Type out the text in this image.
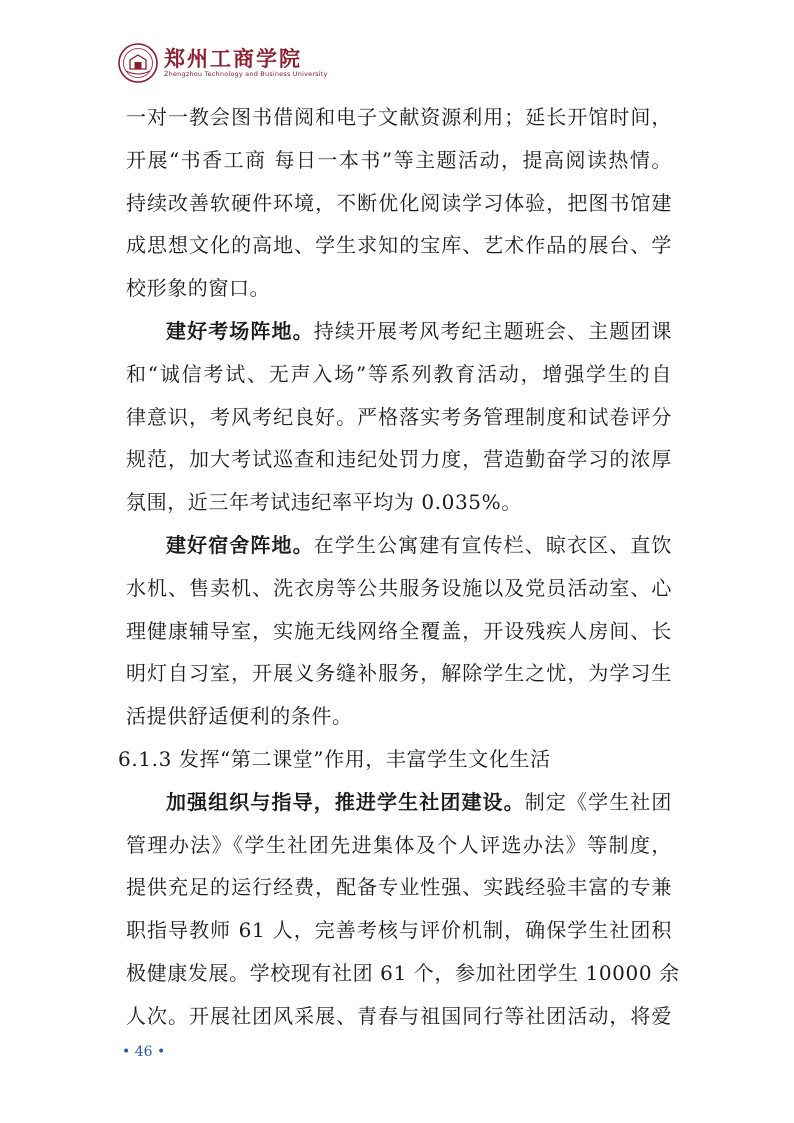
郑州工商学院
Zhengzhou Technology and Business University
一对一教会图书借阅和电子文献资源利用；延长开馆时间，
开展“书香工商 每日一本书”等主题活动，提高阅读热情。
持续改善软硬件环境，不断优化阅读学习体验，把图书馆建
成思想文化的高地、学生求知的宝库、艺术作品的展台、学
校形象的窗口。
建好考场阵地。持续开展考风考纪主题班会、主题团课
和“诚信考试、无声入场”等系列教育活动，增强学生的自
律意识，考风考纪良好。严格落实考务管理制度和试卷评分
规范，加大考试巡查和违纪处罚力度，营造勤奋学习的浓厚
氛围，近三年考试违纪率平均为 0.035%。
建好宿舍阵地。在学生公寓建有宣传栏、晾衣区、直饮
水机、售卖机、洗衣房等公共服务设施以及党员活动室、心
理健康辅导室，实施无线网络全覆盖，开设残疾人房间、长
明灯自习室，开展义务缝补服务，解除学生之忧，为学习生
活提供舒适便利的条件。
6.1.3 发挥“第二课堂”作用，丰富学生文化生活
加强组织与指导，推进学生社团建设。制定《学生社团
管理办法》《学生社团先进集体及个人评选办法》等制度，
提供充足的运行经费，配备专业性强、实践经验丰富的专兼
职指导教师 61 人，完善考核与评价机制，确保学生社团积
极健康发展。学校现有社团 61 个，参加社团学生 10000 余
人次。开展社团风采展、青春与祖国同行等社团活动，将爱
• 46 •
